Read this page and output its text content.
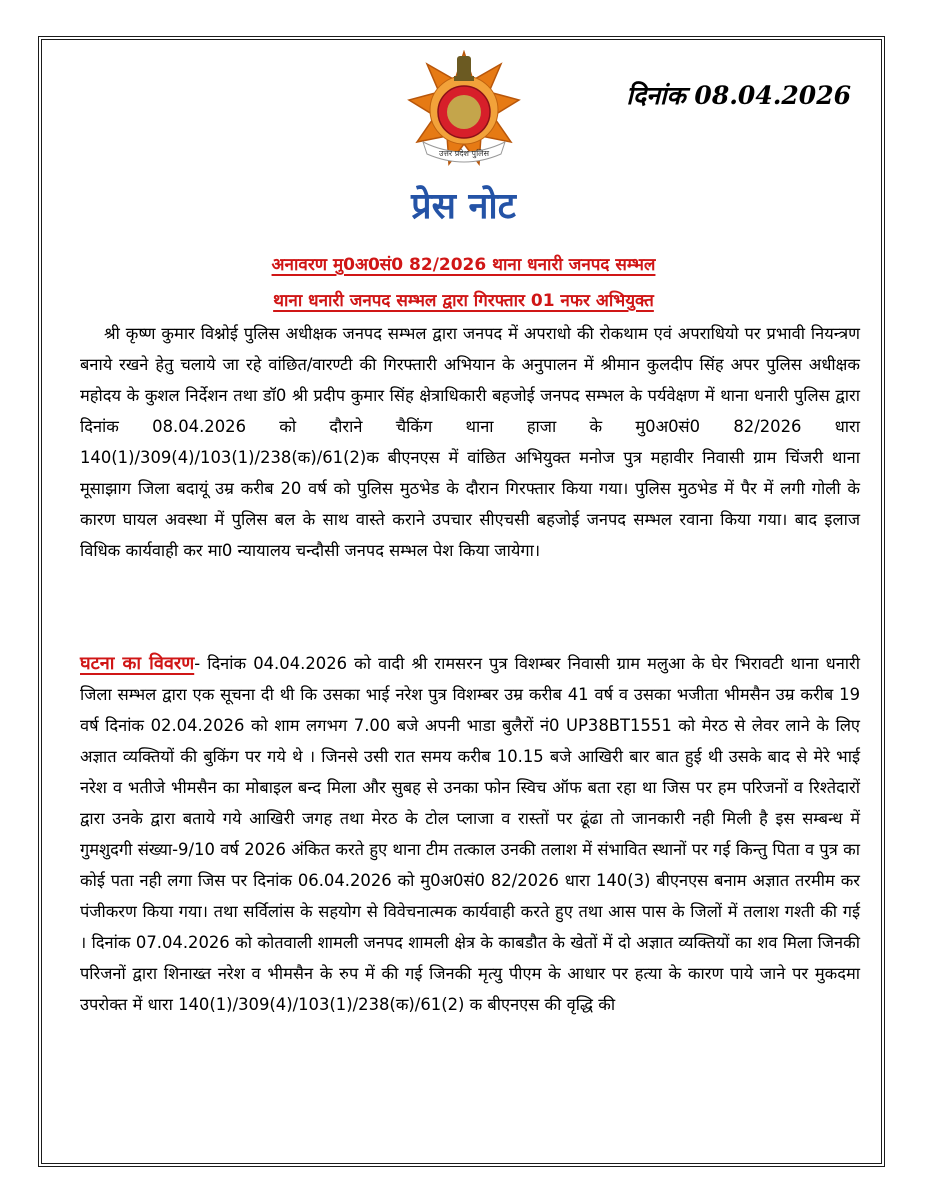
उत्तर प्रदेश पुलिस
दिनांक 08.04.2026
प्रेस नोट
अनावरण मु0अ0सं0 82/2026 थाना धनारी जनपद सम्भल
थाना धनारी जनपद सम्भल द्वारा गिरफ्तार 01 नफर अभियुक्त
श्री कृष्ण कुमार विश्नोई पुलिस अधीक्षक जनपद सम्भल द्वारा जनपद में अपराधो की रोकथाम एवं अपराधियो पर प्रभावी नियन्त्रण बनाये रखने हेतु चलाये जा रहे वांछित/वारण्टी की गिरफ्तारी अभियान के अनुपालन में श्रीमान कुलदीप सिंह अपर पुलिस अधीक्षक महोदय के कुशल निर्देशन तथा डॉ0 श्री प्रदीप कुमार सिंह क्षेत्राधिकारी बहजोई जनपद सम्भल के पर्यवेक्षण में थाना धनारी पुलिस द्वारा दिनांक 08.04.2026 को दौराने चैकिंग थाना हाजा के मु0अ0सं0 82/2026 धारा 140(1)/309(4)/103(1)/238(क)/61(2)क बीएनएस में वांछित अभियुक्त मनोज पुत्र महावीर निवासी ग्राम चिंजरी थाना मूसाझाग जिला बदायूं उम्र करीब 20 वर्ष को पुलिस मुठभेड के दौरान गिरफ्तार किया गया। पुलिस मुठभेड में पैर में लगी गोली के कारण घायल अवस्था में पुलिस बल के साथ वास्ते कराने उपचार सीएचसी बहजोई जनपद सम्भल रवाना किया गया। बाद इलाज विधिक कार्यवाही कर मा0 न्यायालय चन्दौसी जनपद सम्भल पेश किया जायेगा।
घटना का विवरण- दिनांक 04.04.2026 को वादी श्री रामसरन पुत्र विशम्बर निवासी ग्राम मलुआ के घेर भिरावटी थाना धनारी जिला सम्भल द्वारा एक सूचना दी थी कि उसका भाई नरेश पुत्र विशम्बर उम्र करीब 41 वर्ष व उसका भजीता भीमसैन उम्र करीब 19 वर्ष दिनांक 02.04.2026 को शाम लगभग 7.00 बजे अपनी भाडा बुलैरों नं0 UP38BT1551 को मेरठ से लेवर लाने के लिए अज्ञात व्यक्तियों की बुकिंग पर गये थे । जिनसे उसी रात समय करीब 10.15 बजे आखिरी बार बात हुई थी उसके बाद से मेरे भाई नरेश व भतीजे भीमसैन का मोबाइल बन्द मिला और सुबह से उनका फोन स्विच ऑफ बता रहा था जिस पर हम परिजनों व रिश्तेदारों द्वारा उनके द्वारा बताये गये आखिरी जगह तथा मेरठ के टोल प्लाजा व रास्तों पर ढूंढा तो जानकारी नही मिली है इस सम्बन्ध में गुमशुदगी संख्या-9/10 वर्ष 2026 अंकित करते हुए थाना टीम तत्काल उनकी तलाश में संभावित स्थानों पर गई किन्तु पिता व पुत्र का कोई पता नही लगा जिस पर दिनांक 06.04.2026 को मु0अ0सं0 82/2026 धारा 140(3) बीएनएस बनाम अज्ञात तरमीम कर पंजीकरण किया गया। तथा सर्विलांस के सहयोग से विवेचनात्मक कार्यवाही करते हुए तथा आस पास के जिलों में तलाश गश्ती की गई । दिनांक 07.04.2026 को कोतवाली शामली जनपद शामली क्षेत्र के काबडौत के खेतों में दो अज्ञात व्यक्तियों का शव मिला जिनकी परिजनों द्वारा शिनाख्त नरेश व भीमसैन के रुप में की गई जिनकी मृत्यु पीएम के आधार पर हत्या के कारण पाये जाने पर मुकदमा उपरोक्त में धारा 140(1)/309(4)/103(1)/238(क)/61(2) क बीएनएस की वृद्धि की
